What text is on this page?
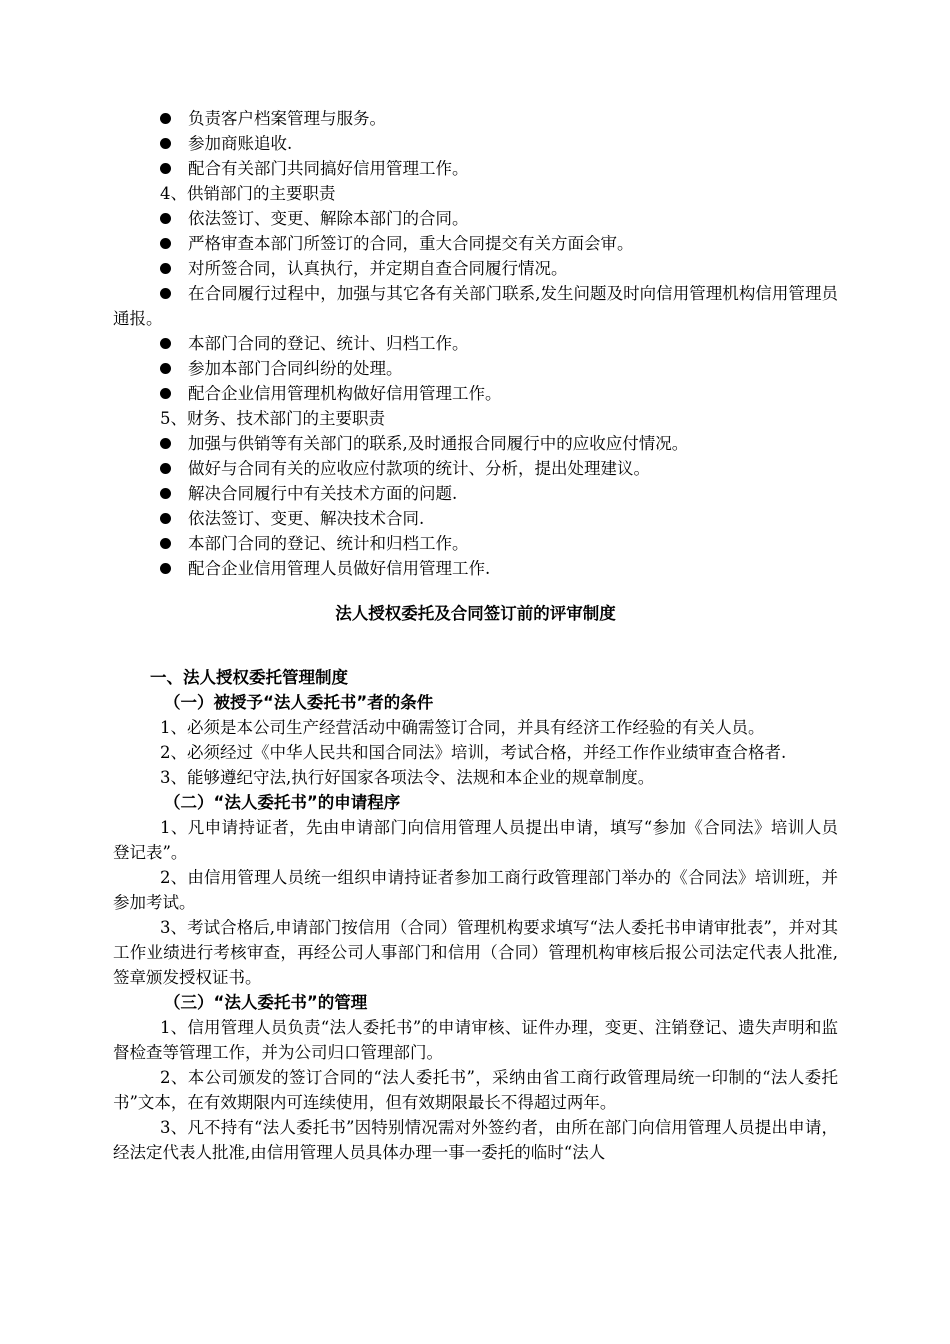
负责客户档案管理与服务。
参加商账追收.
配合有关部门共同搞好信用管理工作。
4、供销部门的主要职责
依法签订、变更、解除本部门的合同。
严格审查本部门所签订的合同，重大合同提交有关方面会审。
对所签合同，认真执行，并定期自查合同履行情况。
在合同履行过程中，加强与其它各有关部门联系,发生问题及时向信用管理机构信用管理员通报。
本部门合同的登记、统计、归档工作。
参加本部门合同纠纷的处理。
配合企业信用管理机构做好信用管理工作。
5、财务、技术部门的主要职责
加强与供销等有关部门的联系,及时通报合同履行中的应收应付情况。
做好与合同有关的应收应付款项的统计、分析，提出处理建议。
解决合同履行中有关技术方面的问题.
依法签订、变更、解决技术合同.
本部门合同的登记、统计和归档工作。
配合企业信用管理人员做好信用管理工作.
法人授权委托及合同签订前的评审制度
一、法人授权委托管理制度
（一）被授予“法人委托书”者的条件
1、必须是本公司生产经营活动中确需签订合同，并具有经济工作经验的有关人员。
2、必须经过《中华人民共和国合同法》培训，考试合格，并经工作作业绩审查合格者.
3、能够遵纪守法,执行好国家各项法令、法规和本企业的规章制度。
（二）“法人委托书”的申请程序
1、凡申请持证者，先由申请部门向信用管理人员提出申请，填写“参加《合同法》培训人员登记表”。
2、由信用管理人员统一组织申请持证者参加工商行政管理部门举办的《合同法》培训班，并参加考试。
3、考试合格后,申请部门按信用（合同）管理机构要求填写“法人委托书申请审批表”，并对其工作业绩进行考核审查，再经公司人事部门和信用（合同）管理机构审核后报公司法定代表人批准,签章颁发授权证书。
（三）“法人委托书”的管理
1、信用管理人员负责“法人委托书”的申请审核、证件办理，变更、注销登记、遗失声明和监督检查等管理工作，并为公司归口管理部门。
2、本公司颁发的签订合同的“法人委托书”，采纳由省工商行政管理局统一印制的“法人委托书”文本，在有效期限内可连续使用，但有效期限最长不得超过两年。
3、凡不持有“法人委托书”因特别情况需对外签约者，由所在部门向信用管理人员提出申请，经法定代表人批准,由信用管理人员具体办理一事一委托的临时“法人
